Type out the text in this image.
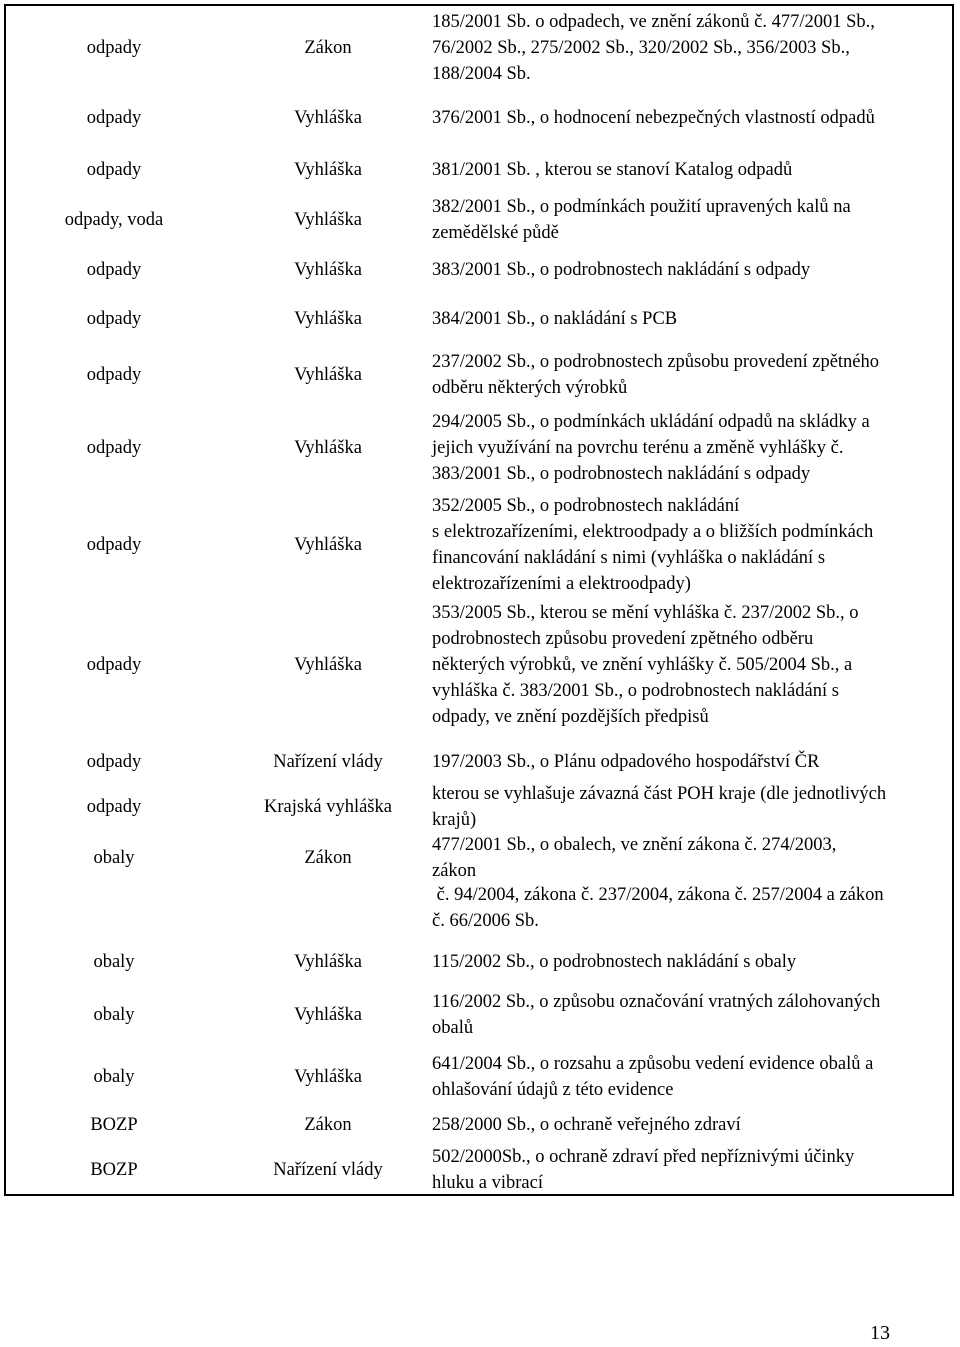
odpady	Zákon
185/2001 Sb. o odpadech, ve znění zákonů č. 477/2001 Sb.,
76/2002 Sb., 275/2002 Sb., 320/2002 Sb., 356/2003 Sb.,
188/2004 Sb.
odpady	Vyhláška	376/2001 Sb., o hodnocení nebezpečných vlastností odpadů
odpady	Vyhláška	381/2001 Sb. , kterou se stanoví Katalog odpadů
odpady, voda	Vyhláška
382/2001 Sb., o podmínkách použití upravených kalů na
zemědělské půdě
odpady	Vyhláška	383/2001 Sb., o podrobnostech nakládání s odpady
odpady	Vyhláška	384/2001 Sb., o nakládání s PCB
odpady	Vyhláška
237/2002 Sb., o podrobnostech způsobu provedení zpětného
odběru některých výrobků
odpady	Vyhláška
294/2005 Sb., o podmínkách ukládání odpadů na skládky a
jejich využívání na povrchu terénu a změně vyhlášky č.
383/2001 Sb., o podrobnostech nakládání s odpady
odpady	Vyhláška
352/2005 Sb., o podrobnostech nakládání
s elektrozařízeními, elektroodpady a o bližších podmínkách
financování nakládání s nimi (vyhláška o nakládání s
elektrozařízeními a elektroodpady)
odpady	Vyhláška
353/2005 Sb., kterou se mění vyhláška č. 237/2002 Sb., o
podrobnostech způsobu provedení zpětného odběru
některých výrobků, ve znění vyhlášky č. 505/2004 Sb., a
vyhláška č. 383/2001 Sb., o podrobnostech nakládání s
odpady, ve znění pozdějších předpisů
odpady	Nařízení vlády	197/2003 Sb., o Plánu odpadového hospodářství ČR
odpady	Krajská vyhláška
kterou se vyhlašuje závazná část POH kraje (dle jednotlivých
krajů)
obaly	Zákon
477/2001 Sb., o obalech, ve znění zákona č. 274/2003,
zákon
č. 94/2004, zákona č. 237/2004, zákona č. 257/2004 a zákon
č. 66/2006 Sb.
obaly	Vyhláška	115/2002 Sb., o podrobnostech nakládání s obaly
obaly	Vyhláška
116/2002 Sb., o způsobu označování vratných zálohovaných
obalů
obaly	Vyhláška
641/2004 Sb., o rozsahu a způsobu vedení evidence obalů a
ohlašování údajů z této evidence
BOZP	Zákon	258/2000 Sb., o ochraně veřejného zdraví
BOZP	Nařízení vlády
502/2000Sb., o ochraně zdraví před nepříznivými účinky
hluku a vibrací
13
